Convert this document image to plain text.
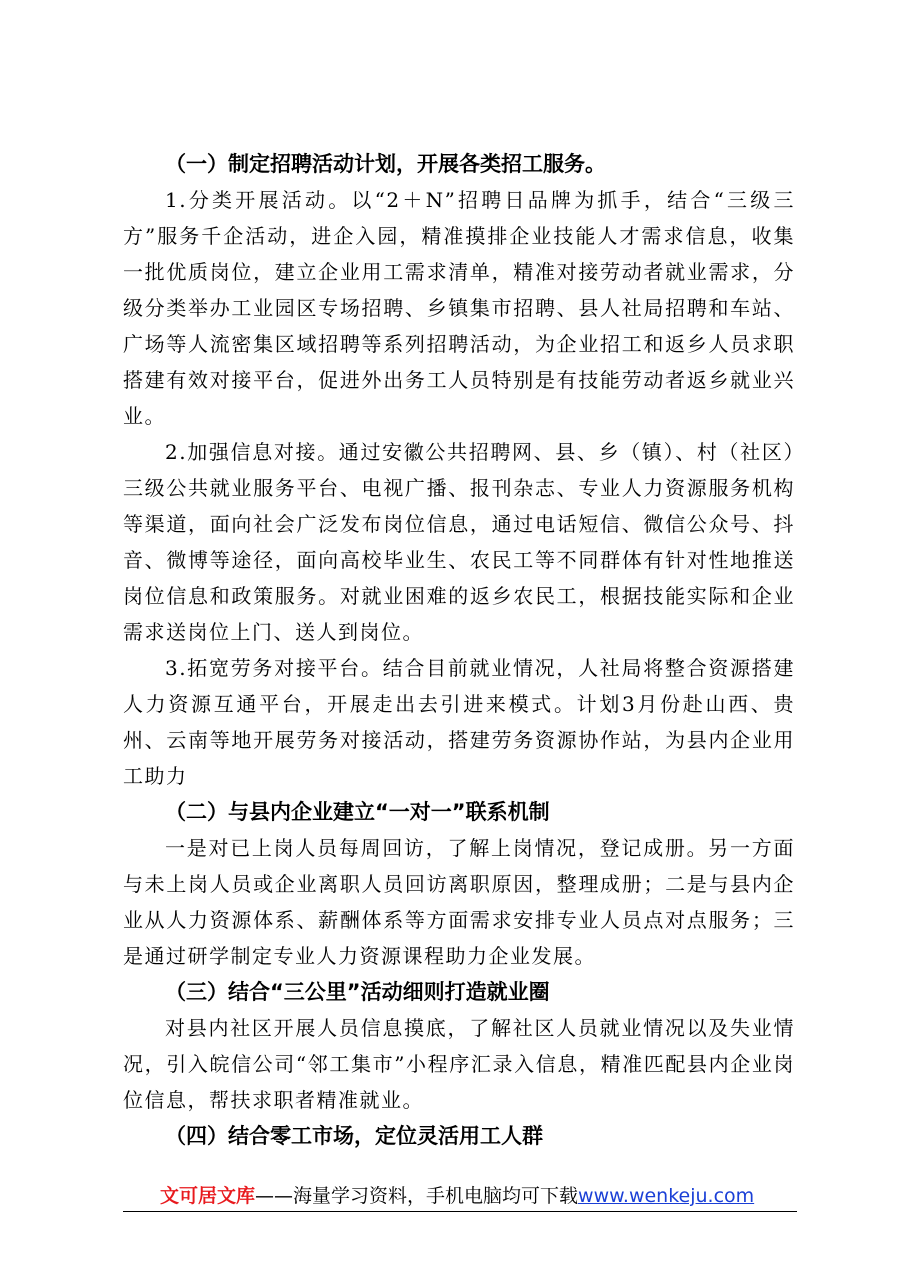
（一）制定招聘活动计划，开展各类招工服务。

1.分类开展活动。以“2＋N”招聘日品牌为抓手，结合“三级三方”服务千企活动，进企入园，精准摸排企业技能人才需求信息，收集一批优质岗位，建立企业用工需求清单，精准对接劳动者就业需求，分级分类举办工业园区专场招聘、乡镇集市招聘、县人社局招聘和车站、广场等人流密集区域招聘等系列招聘活动，为企业招工和返乡人员求职搭建有效对接平台，促进外出务工人员特别是有技能劳动者返乡就业兴业。

2.加强信息对接。通过安徽公共招聘网、县、乡（镇）、村（社区）三级公共就业服务平台、电视广播、报刊杂志、专业人力资源服务机构等渠道，面向社会广泛发布岗位信息，通过电话短信、微信公众号、抖音、微博等途径，面向高校毕业生、农民工等不同群体有针对性地推送岗位信息和政策服务。对就业困难的返乡农民工，根据技能实际和企业需求送岗位上门、送人到岗位。

3.拓宽劳务对接平台。结合目前就业情况，人社局将整合资源搭建人力资源互通平台，开展走出去引进来模式。计划3月份赴山西、贵州、云南等地开展劳务对接活动，搭建劳务资源协作站，为县内企业用工助力

（二）与县内企业建立“一对一”联系机制

一是对已上岗人员每周回访，了解上岗情况，登记成册。另一方面与未上岗人员或企业离职人员回访离职原因，整理成册；二是与县内企业从人力资源体系、薪酬体系等方面需求安排专业人员点对点服务；三是通过研学制定专业人力资源课程助力企业发展。

（三）结合“三公里”活动细则打造就业圈

对县内社区开展人员信息摸底，了解社区人员就业情况以及失业情况，引入皖信公司“邻工集市”小程序汇录入信息，精准匹配县内企业岗位信息，帮扶求职者精准就业。

（四）结合零工市场，定位灵活用工人群

文可居文库——海量学习资料，手机电脑均可下载www.wenkeju.com
